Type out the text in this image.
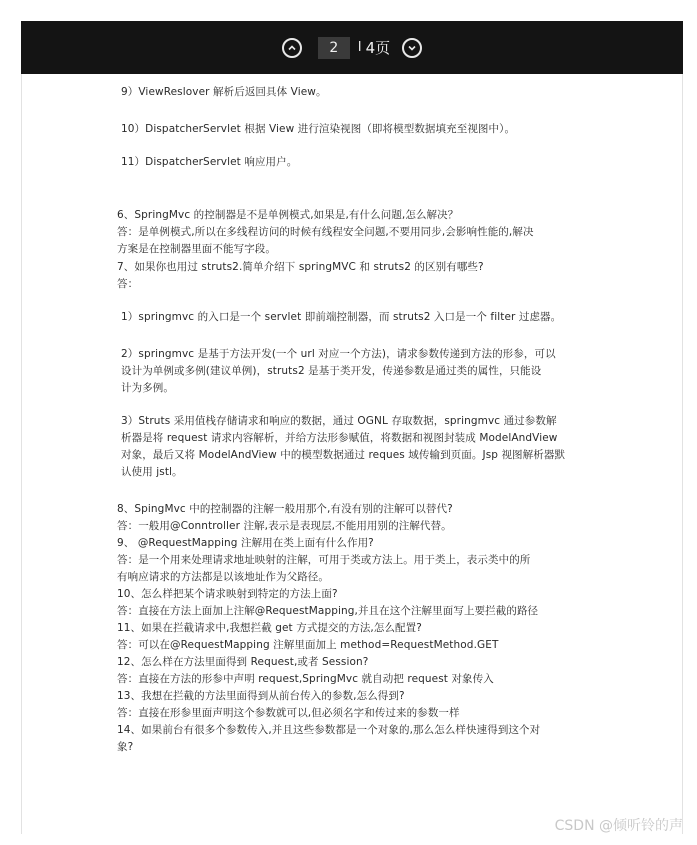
2	I 4页
9）ViewReslover 解析后返回具体 View。
10）DispatcherServlet 根据 View 进行渲染视图（即将模型数据填充至视图中）。
11）DispatcherServlet 响应用户。
6、SpringMvc 的控制器是不是单例模式,如果是,有什么问题,怎么解决？
答：是单例模式,所以在多线程访问的时候有线程安全问题,不要用同步,会影响性能的,解决
方案是在控制器里面不能写字段。
7、如果你也用过 struts2.简单介绍下 springMVC 和 struts2 的区别有哪些?
答：
1）springmvc 的入口是一个 servlet 即前端控制器，而 struts2 入口是一个 filter 过虑器。
2）springmvc 是基于方法开发(一个 url 对应一个方法)，请求参数传递到方法的形参，可以
设计为单例或多例(建议单例)，struts2 是基于类开发，传递参数是通过类的属性，只能设
计为多例。
3）Struts 采用值栈存储请求和响应的数据，通过 OGNL 存取数据，springmvc 通过参数解
析器是将 request 请求内容解析，并给方法形参赋值，将数据和视图封装成 ModelAndView
对象，最后又将 ModelAndView 中的模型数据通过 reques 域传输到页面。Jsp 视图解析器默
认使用 jstl。
8、SpingMvc 中的控制器的注解一般用那个,有没有别的注解可以替代?
答：一般用@Conntroller 注解,表示是表现层,不能用用别的注解代替。
9、 @RequestMapping 注解用在类上面有什么作用?
答：是一个用来处理请求地址映射的注解，可用于类或方法上。用于类上，表示类中的所
有响应请求的方法都是以该地址作为父路径。
10、怎么样把某个请求映射到特定的方法上面?
答：直接在方法上面加上注解@RequestMapping,并且在这个注解里面写上要拦截的路径
11、如果在拦截请求中,我想拦截 get 方式提交的方法,怎么配置?
答：可以在@RequestMapping 注解里面加上 method=RequestMethod.GET
12、怎么样在方法里面得到 Request,或者 Session?
答：直接在方法的形参中声明 request,SpringMvc 就自动把 request 对象传入
13、我想在拦截的方法里面得到从前台传入的参数,怎么得到?
答：直接在形参里面声明这个参数就可以,但必须名字和传过来的参数一样
14、如果前台有很多个参数传入,并且这些参数都是一个对象的,那么怎么样快速得到这个对
象?
CSDN @倾听铃的声
